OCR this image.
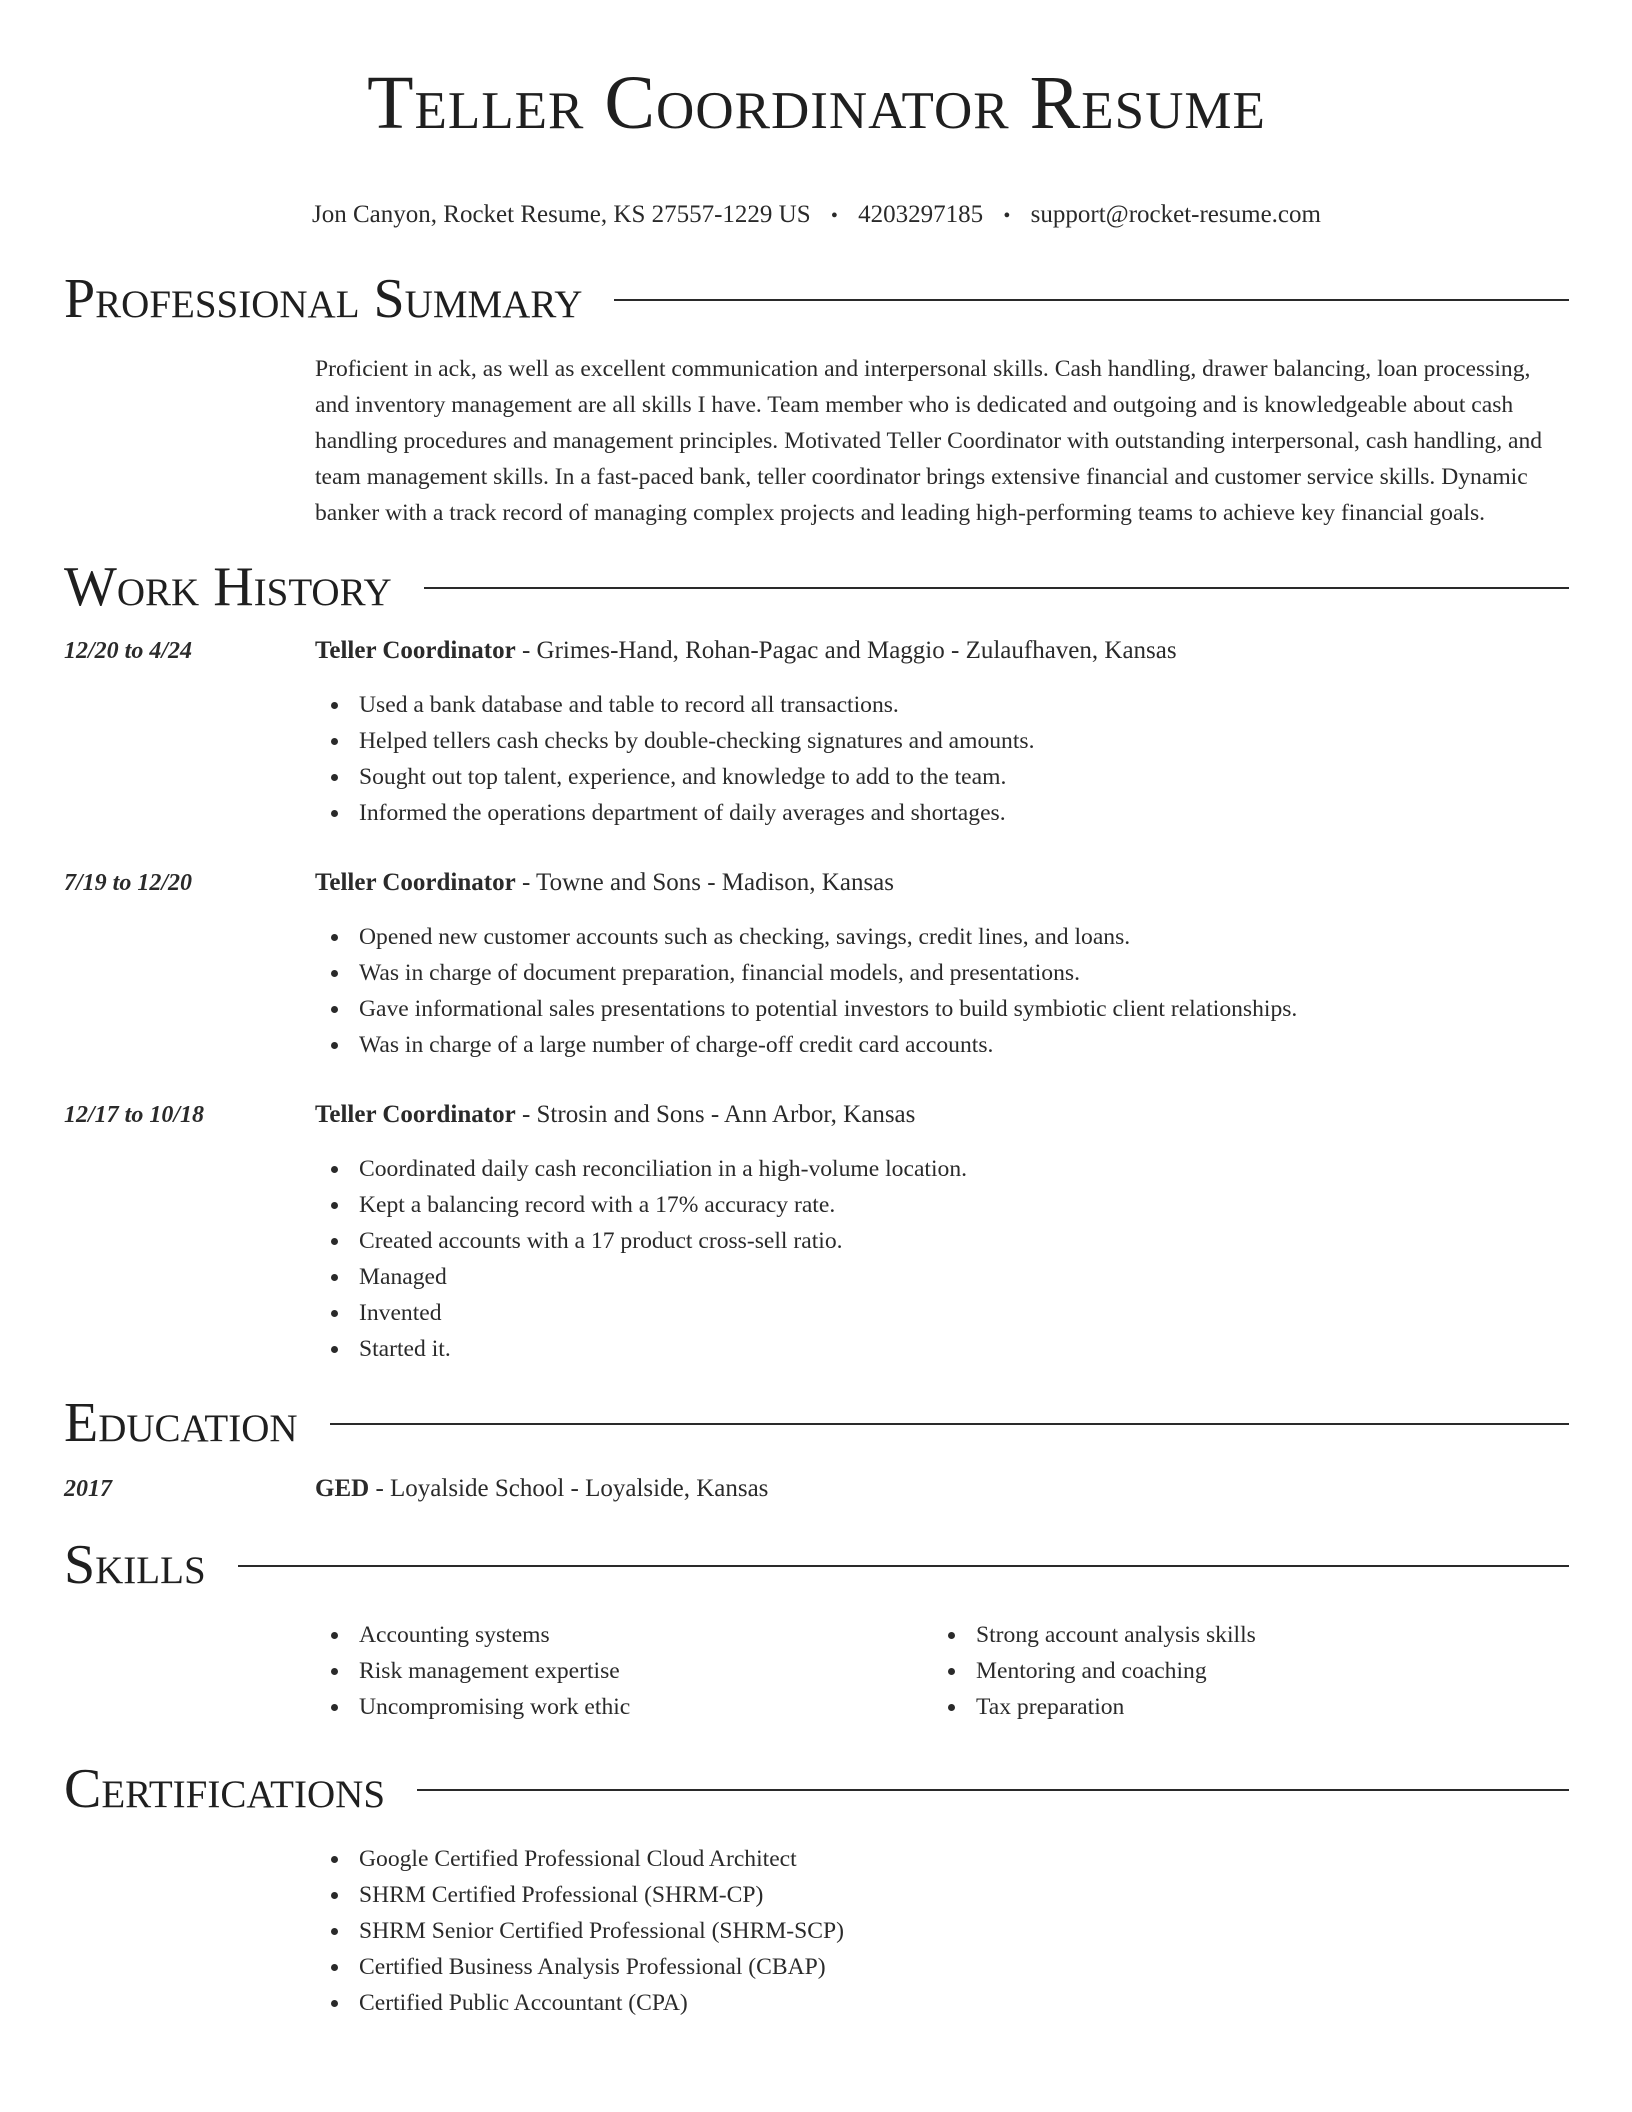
Teller Coordinator Resume
Jon Canyon, Rocket Resume, KS 27557-1229 US • 4203297185 • support@rocket-resume.com
Professional Summary

Proficient in ack, as well as excellent communication and interpersonal skills. Cash handling, drawer balancing, loan processing, and inventory management are all skills I have. Team member who is dedicated and outgoing and is knowledgeable about cash handling procedures and management principles. Motivated Teller Coordinator with outstanding interpersonal, cash handling, and team management skills. In a fast-paced bank, teller coordinator brings extensive financial and customer service skills. Dynamic banker with a track record of managing complex projects and leading high-performing teams to achieve key financial goals.

Work History
12/20 to 4/24	Teller Coordinator - Grimes-Hand, Rohan-Pagac and Maggio - Zulaufhaven, Kansas
Used a bank database and table to record all transactions.
Helped tellers cash checks by double-checking signatures and amounts.
Sought out top talent, experience, and knowledge to add to the team.
Informed the operations department of daily averages and shortages.
7/19 to 12/20	Teller Coordinator - Towne and Sons - Madison, Kansas
Opened new customer accounts such as checking, savings, credit lines, and loans.
Was in charge of document preparation, financial models, and presentations.
Gave informational sales presentations to potential investors to build symbiotic client relationships.
Was in charge of a large number of charge-off credit card accounts.
12/17 to 10/18	Teller Coordinator - Strosin and Sons - Ann Arbor, Kansas
Coordinated daily cash reconciliation in a high-volume location.
Kept a balancing record with a 17% accuracy rate.
Created accounts with a 17 product cross-sell ratio.
Managed
Invented
Started it.
Education
2017	GED - Loyalside School - Loyalside, Kansas
Skills
Accounting systems
Risk management expertise
Uncompromising work ethic
Strong account analysis skills
Mentoring and coaching
Tax preparation
Certifications
Google Certified Professional Cloud Architect
SHRM Certified Professional (SHRM-CP)
SHRM Senior Certified Professional (SHRM-SCP)
Certified Business Analysis Professional (CBAP)
Certified Public Accountant (CPA)
